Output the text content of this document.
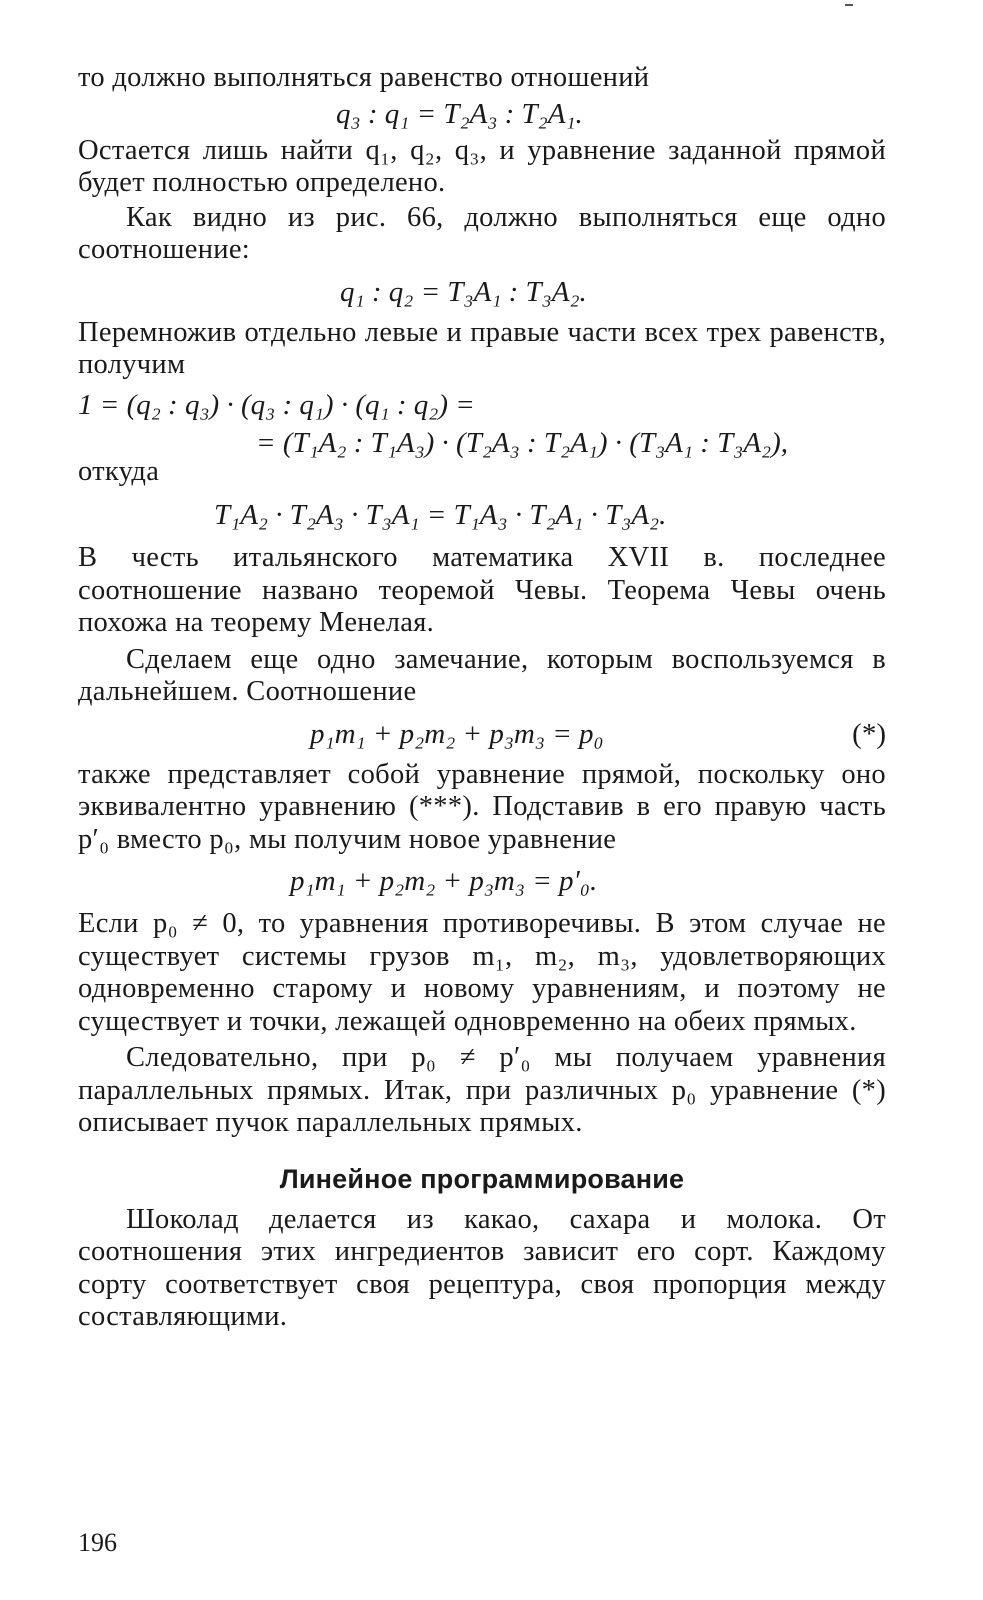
то должно выполняться равенство отношений

q₃ : q₁ = T₂A₃ : T₂A₁.

Остается лишь найти q₁, q₂, q₃, и уравнение заданной прямой будет полностью определено.

Как видно из рис. 66, должно выполняться еще одно соотношение:

q₁ : q₂ = T₃A₁ : T₃A₂.

Перемножив отдельно левые и правые части всех трех равенств, получим

1 = (q₂ : q₃) · (q₃ : q₁) · (q₁ : q₂) =

= (T₁A₂ : T₁A₃) · (T₂A₃ : T₂A₁) · (T₃A₁ : T₃A₂),

откуда

T₁A₂ · T₂A₃ · T₃A₁ = T₁A₃ · T₂A₁ · T₃A₂.

В честь итальянского математика XVII в. последнее соотношение названо теоремой Чевы. Теорема Чевы очень похожа на теорему Менелая.

Сделаем еще одно замечание, которым воспользуемся в дальнейшем. Соотношение

p₁m₁ + p₂m₂ + p₃m₃ = p₀	(*)

также представляет собой уравнение прямой, поскольку оно эквивалентно уравнению (***). Подставив в его правую часть p′₀ вместо p₀, мы получим новое уравнение

p₁m₁ + p₂m₂ + p₃m₃ = p′₀.

Если p₀ ≠ 0, то уравнения противоречивы. В этом случае не существует системы грузов m₁, m₂, m₃, удовлетворяющих одновременно старому и новому уравнениям, и поэтому не существует и точки, лежащей одновременно на обеих прямых.

Следовательно, при p₀ ≠ p′₀ мы получаем уравнения параллельных прямых. Итак, при различных p₀ уравнение (*) описывает пучок параллельных прямых.

Линейное программирование

Шоколад делается из какао, сахара и молока. От соотношения этих ингредиентов зависит его сорт. Каждому сорту соответствует своя рецептура, своя пропорция между составляющими.

196
